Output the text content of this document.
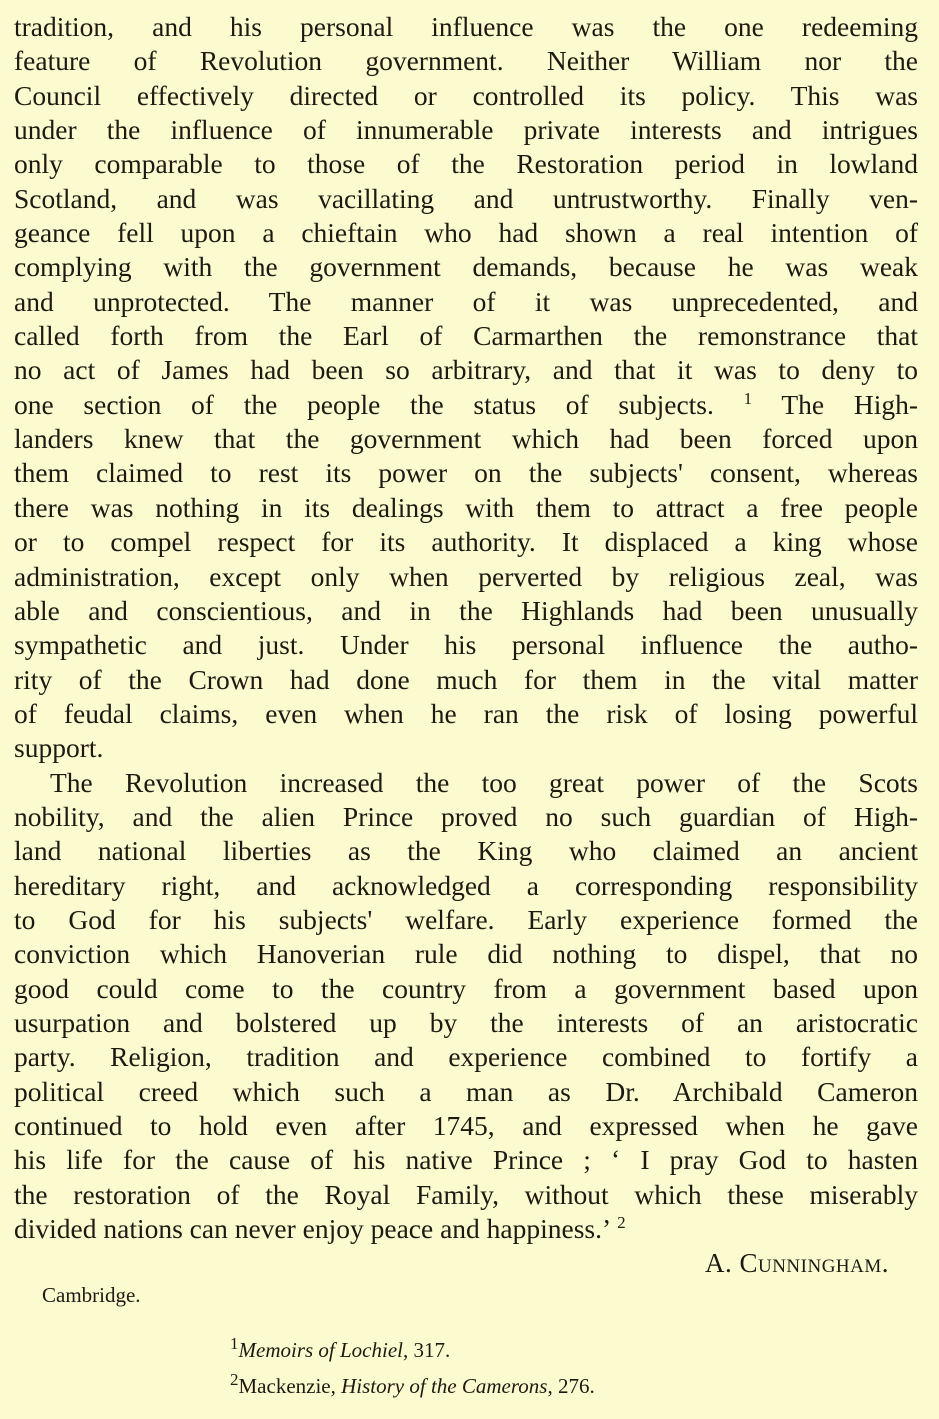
tradition, and his personal influence was the one redeeming
feature of Revolution government. Neither William nor the
Council effectively directed or controlled its policy. This was
under the influence of innumerable private interests and intrigues
only comparable to those of the Restoration period in lowland
Scotland, and was vacillating and untrustworthy. Finally ven-
geance fell upon a chieftain who had shown a real intention of
complying with the government demands, because he was weak
and unprotected. The manner of it was unprecedented, and
called forth from the Earl of Carmarthen the remonstrance that
no act of James had been so arbitrary, and that it was to deny to
one section of the people the status of subjects. $^1$ The High-
landers knew that the government which had been forced upon
them claimed to rest its power on the subjects' consent, whereas
there was nothing in its dealings with them to attract a free people
or to compel respect for its authority. It displaced a king whose
administration, except only when perverted by religious zeal, was
able and conscientious, and in the Highlands had been unusually
sympathetic and just. Under his personal influence the autho-
rity of the Crown had done much for them in the vital matter
of feudal claims, even when he ran the risk of losing powerful
support.
The Revolution increased the too great power of the Scots
nobility, and the alien Prince proved no such guardian of High-
land national liberties as the King who claimed an ancient
hereditary right, and acknowledged a corresponding responsibility
to God for his subjects' welfare. Early experience formed the
conviction which Hanoverian rule did nothing to dispel, that no
good could come to the country from a government based upon
usurpation and bolstered up by the interests of an aristocratic
party. Religion, tradition and experience combined to fortify a
political creed which such a man as Dr. Archibald Cameron
continued to hold even after 1745, and expressed when he gave
his life for the cause of his native Prince ; ‘ I pray God to hasten
the restoration of the Royal Family, without which these miserably
divided nations can never enjoy peace and happiness.’ $^2$
A. Cunningham.
Cambridge.
$^1$Memoirs of Lochiel, 317.
$^2$Mackenzie, History of the Camerons, 276.
